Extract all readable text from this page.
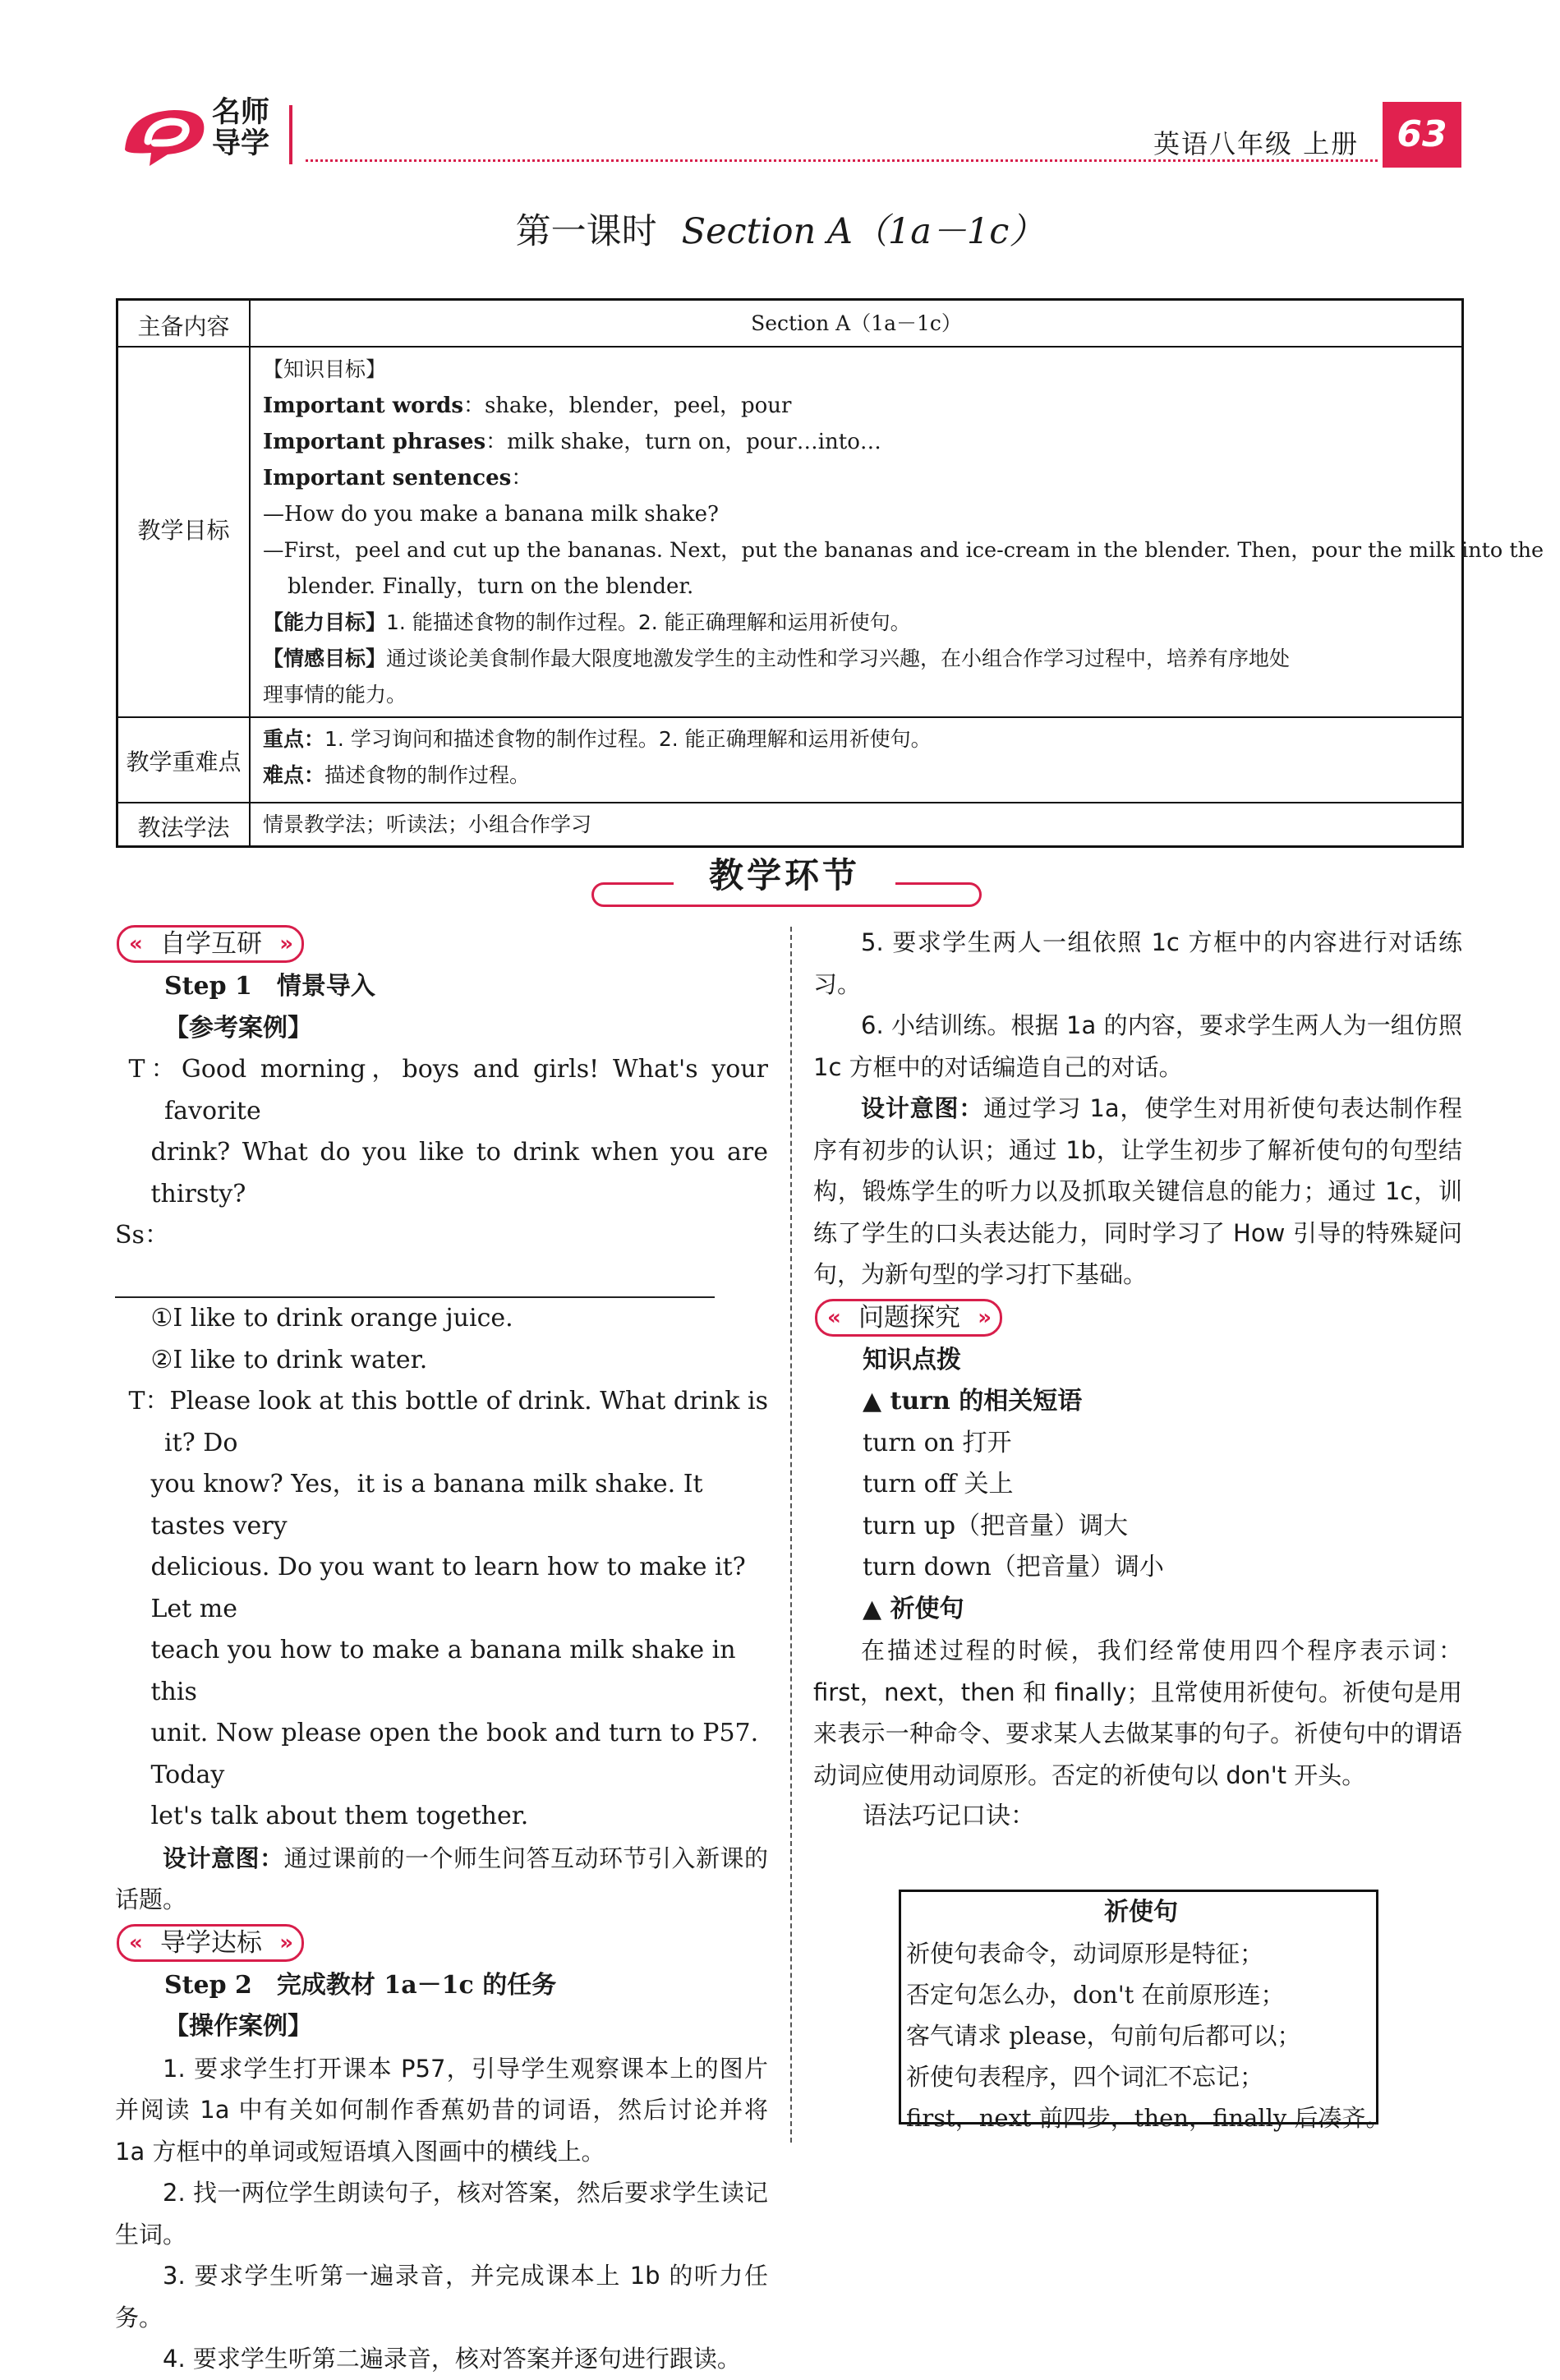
名师
导学	英语八年级 上册	63
第一课时 Section A（1a－1c）
主备内容	Section A（1a－1c）
教学目标
【知识目标】
Important words：shake，blender，peel，pour
Important phrases：milk shake，turn on，pour…into…
Important sentences：
—How do you make a banana milk shake?
—First，peel and cut up the bananas. Next，put the bananas and ice-cream in the blender. Then，pour the milk into the
blender. Finally，turn on the blender.
【能力目标】1. 能描述食物的制作过程。2. 能正确理解和运用祈使句。
【情感目标】通过谈论美食制作最大限度地激发学生的主动性和学习兴趣，在小组合作学习过程中，培养有序地处
理事情的能力。
教学重难点
重点：1. 学习询问和描述食物的制作过程。2. 能正确理解和运用祈使句。
难点：描述食物的制作过程。
教法学法	情景教学法；听读法；小组合作学习
教学环节
« 自学互研 »
Step 1　情景导入
【参考案例】
T：Good morning，boys and girls! What's your favorite
drink? What do you like to drink when you are thirsty?
Ss：
①I like to drink orange juice.
②I like to drink water.
T：Please look at this bottle of drink. What drink is it? Do
you know? Yes，it is a banana milk shake. It tastes very
delicious. Do you want to learn how to make it? Let me
teach you how to make a banana milk shake in this
unit. Now please open the book and turn to P57. Today
let's talk about them together.
设计意图：通过课前的一个师生问答互动环节引入新课的话题。
« 导学达标 »
Step 2　完成教材 1a－1c 的任务
【操作案例】
1. 要求学生打开课本 P57，引导学生观察课本上的图片并阅读 1a 中有关如何制作香蕉奶昔的词语，然后讨论并将 1a 方框中的单词或短语填入图画中的横线上。
2. 找一两位学生朗读句子，核对答案，然后要求学生读记生词。
3. 要求学生听第一遍录音，并完成课本上 1b 的听力任务。
4. 要求学生听第二遍录音，核对答案并逐句进行跟读。
5. 要求学生两人一组依照 1c 方框中的内容进行对话练习。
6. 小结训练。根据 1a 的内容，要求学生两人为一组仿照 1c 方框中的对话编造自己的对话。
设计意图：通过学习 1a，使学生对用祈使句表达制作程序有初步的认识；通过 1b，让学生初步了解祈使句的句型结构，锻炼学生的听力以及抓取关键信息的能力；通过 1c，训练了学生的口头表达能力，同时学习了 How 引导的特殊疑问句，为新句型的学习打下基础。
« 问题探究 »
知识点拨
▲ turn 的相关短语
turn on 打开
turn off 关上
turn up（把音量）调大
turn down（把音量）调小
▲ 祈使句
在描述过程的时候，我们经常使用四个程序表示词：first，next，then 和 finally；且常使用祈使句。祈使句是用来表示一种命令、要求某人去做某事的句子。祈使句中的谓语动词应使用动词原形。否定的祈使句以 don't 开头。
语法巧记口诀：
祈使句
祈使句表命令，动词原形是特征；
否定句怎么办，don't 在前原形连；
客气请求 please，句前句后都可以；
祈使句表程序，四个词汇不忘记；
first，next 前四步，then，finally 后凑齐。
